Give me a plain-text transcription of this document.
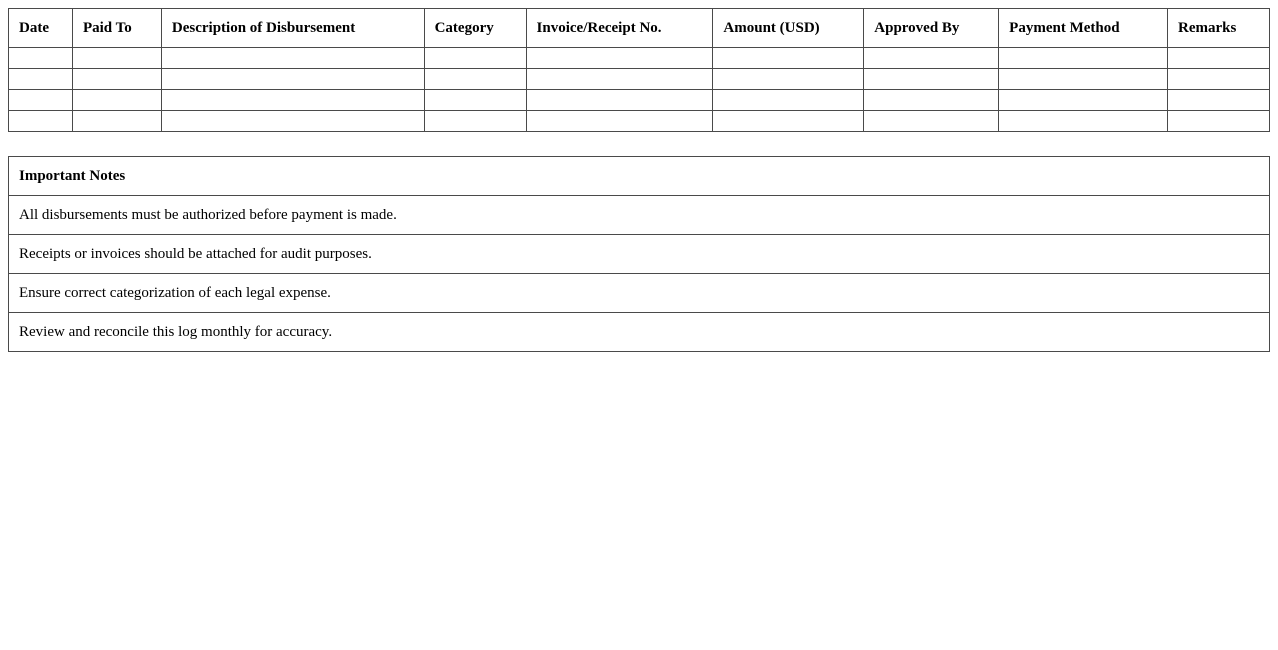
Date	Paid To	Description of Disbursement	Category	Invoice/Receipt No.	Amount (USD)	Approved By	Payment Method	Remarks

Important Notes
All disbursements must be authorized before payment is made.
Receipts or invoices should be attached for audit purposes.
Ensure correct categorization of each legal expense.
Review and reconcile this log monthly for accuracy.
